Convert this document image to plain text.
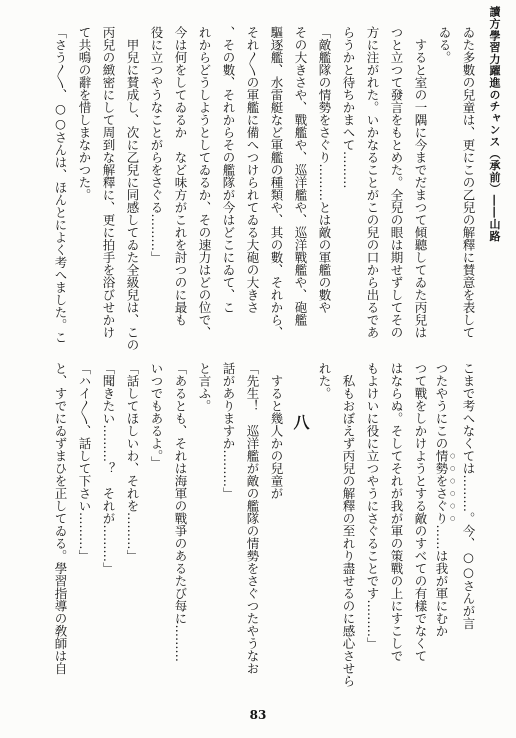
讀方學習力躍進のチャンス（承前）――山路
ゐた多數の兒童は、更にこの乙兒の解釋に賛意を表して
ゐる。
　すると室の一隅に今までだまつて傾聽してゐた丙兒は
つと立つて發言をもとめた。全兒の眼は期せずしてその
方に注がれた。いかなることがこの兒の口から出るであ
らうかと待ちかまへて………
「敵艦隊の情勢をさぐり………とは敵の軍艦の數や
その大きさや、戰艦や、巡洋艦や、巡洋戰艦や、砲艦
驅逐艦、水雷艇など軍艦の種類や、其の數、それから、
それ〳〵の軍艦に備へつけられてゐる大砲の大きさ
、その數、それからその艦隊が今はどこにゐて、こ
れからどうしようとしてゐるか、その速力はどの位で、
今は何をしてゐるか　など味方がこれを討つのに最も
役に立つやうなことがらをさぐる………」
　甲兒に賛成し、次に乙兒に同感してゐた全級兒は、この
丙兒の緻密にして周到な解釋に、更に拍手を浴びせかけ
て共鳴の辭を惜しまなかつた。
「さう〳〵、○○さんは、ほんとによく考へました。こ
こまで考へなくては………。今、○○さんが言
つたやうにこの情勢をさぐり……は我が軍にむか
つて戰をしかけようとする敵のすべての有樣でなくて
はならぬ。そしてそれが我が軍の策戰の上にすこしで
もよけいに役に立つやうにさぐることです………」
　私もおぼえず丙兒の解釋の至れり盡せるのに感心させら
れた。
八
　すると幾人かの兒童が
「先生！　巡洋艦が敵の艦隊の情勢をさぐつたやうなお
話がありますか………」
と言ふ。
「あるとも、それは海軍の戰爭のあるたび每に………
いつでもあるよ。」
「話してほしいわ、それを………」
「聞きたい………？　それが………」
「ハイ〳〵、話して下さい………」
と、すでにゐずまひを正してゐる。學習指導の敎師は自
83
